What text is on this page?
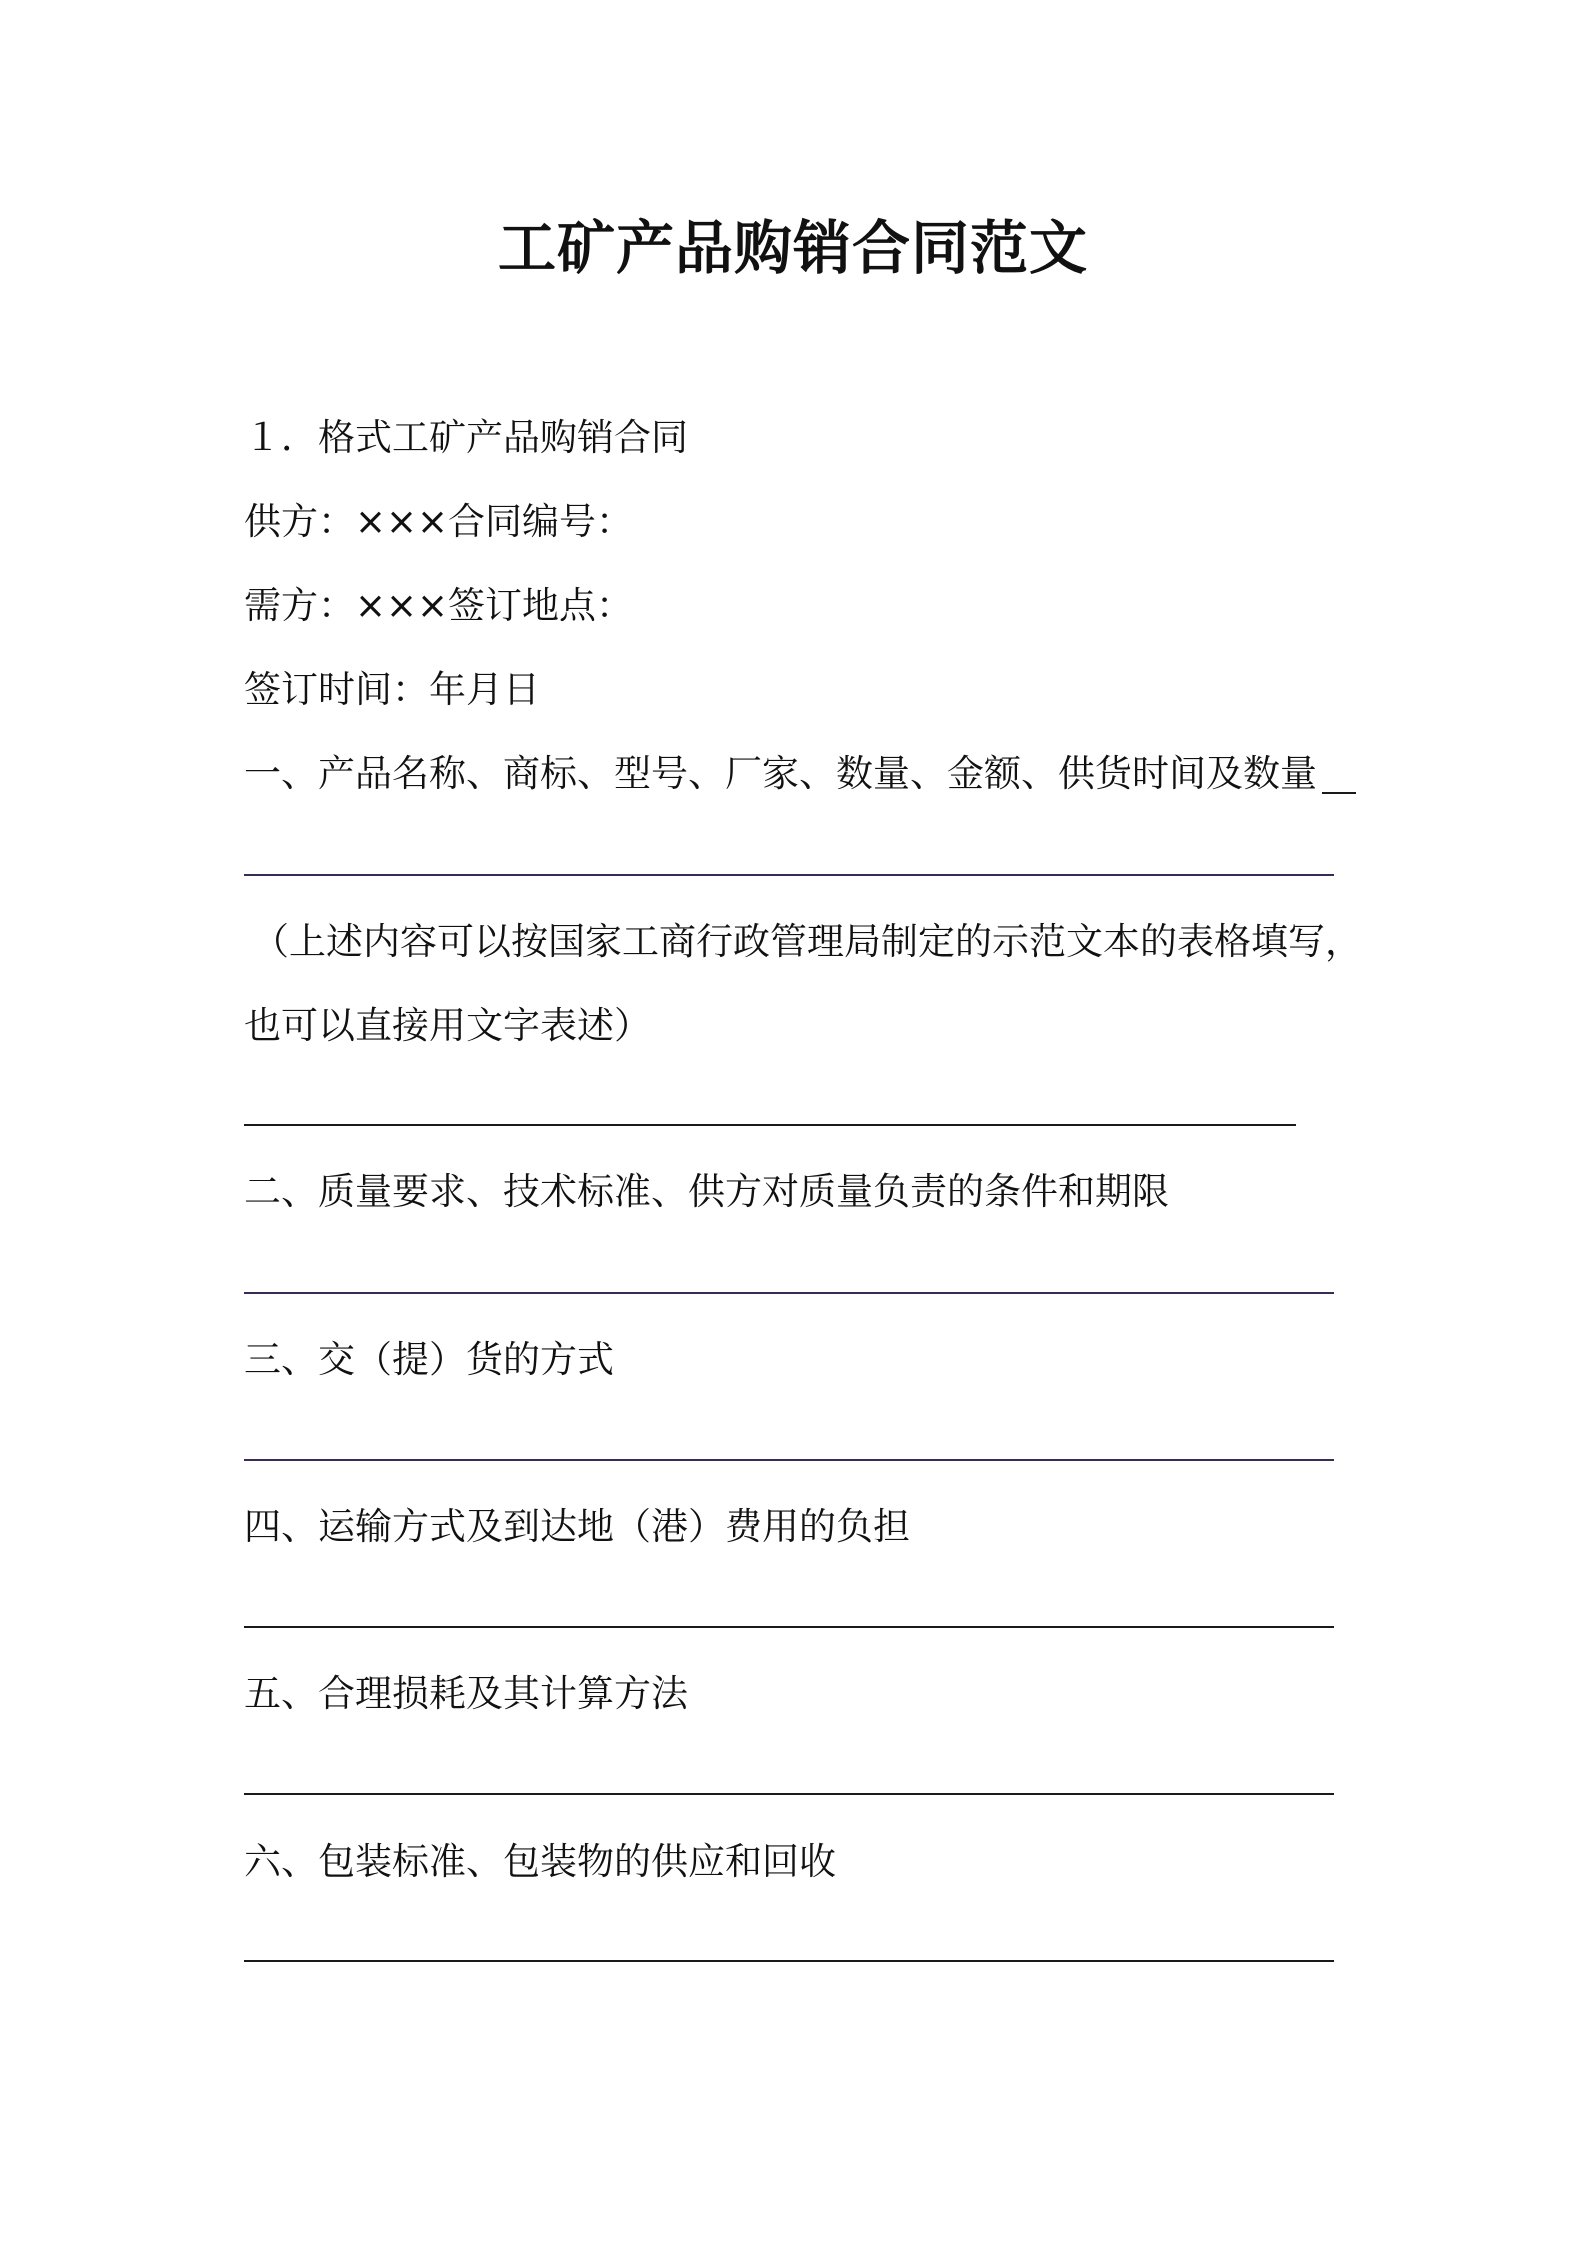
工矿产品购销合同范文
１．格式工矿产品购销合同
供方：×××合同编号：
需方：×××签订地点：
签订时间：年月日
一、产品名称、商标、型号、厂家、数量、金额、供货时间及数量
（上述内容可以按国家工商行政管理局制定的示范文本的表格填写，
也可以直接用文字表述）
二、质量要求、技术标准、供方对质量负责的条件和期限
三、交（提）货的方式
四、运输方式及到达地（港）费用的负担
五、合理损耗及其计算方法
六、包装标准、包装物的供应和回收
